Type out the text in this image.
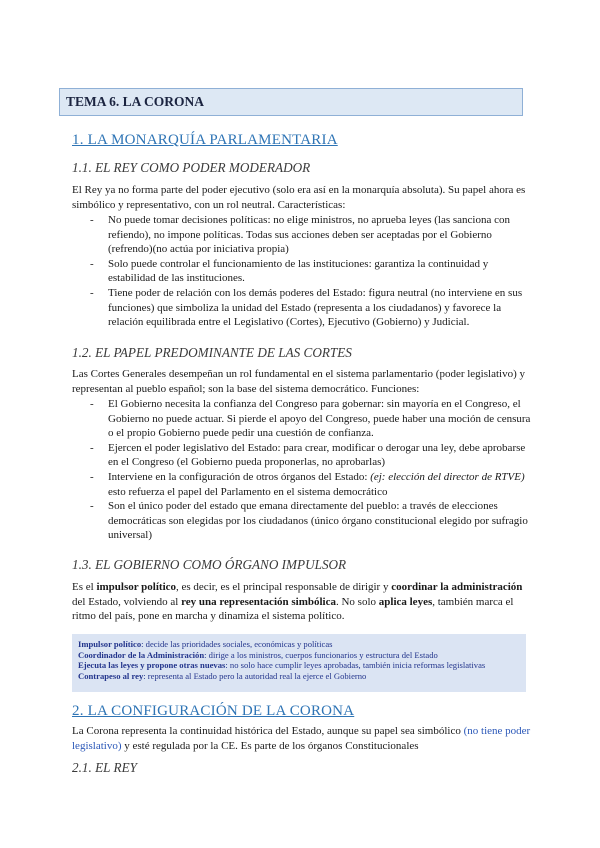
TEMA 6. LA CORONA
1. LA MONARQUÍA PARLAMENTARIA
1.1. EL REY COMO PODER MODERADOR

El Rey ya no forma parte del poder ejecutivo (solo era así en la monarquía absoluta). Su papel ahora es simbólico y representativo, con un rol neutral. Características:

- No puede tomar decisiones políticas: no elige ministros, no aprueba leyes (las sanciona con refiendo), no impone políticas. Todas sus acciones deben ser aceptadas por el Gobierno (refrendo)(no actúa por iniciativa propia)
- Solo puede controlar el funcionamiento de las instituciones: garantiza la continuidad y estabilidad de las instituciones.
- Tiene poder de relación con los demás poderes del Estado: figura neutral (no interviene en sus funciones) que simboliza la unidad del Estado (representa a los ciudadanos) y favorece la relación equilibrada entre el Legislativo (Cortes), Ejecutivo (Gobierno) y Judicial.
1.2. EL PAPEL PREDOMINANTE DE LAS CORTES

Las Cortes Generales desempeñan un rol fundamental en el sistema parlamentario (poder legislativo) y representan al pueblo español; son la base del sistema democrático. Funciones:

- El Gobierno necesita la confianza del Congreso para gobernar: sin mayoría en el Congreso, el Gobierno no puede actuar. Si pierde el apoyo del Congreso, puede haber una moción de censura o el propio Gobierno puede pedir una cuestión de confianza.
- Ejercen el poder legislativo del Estado: para crear, modificar o derogar una ley, debe aprobarse en el Congreso (el Gobierno pueda proponerlas, no aprobarlas)
- Interviene en la configuración de otros órganos del Estado: (ej: elección del director de RTVE) esto refuerza el papel del Parlamento en el sistema democrático
- Son el único poder del estado que emana directamente del pueblo: a través de elecciones democráticas son elegidas por los ciudadanos (único órgano constitucional elegido por sufragio universal)
1.3. EL GOBIERNO COMO ÓRGANO IMPULSOR

Es el impulsor político, es decir, es el principal responsable de dirigir y coordinar la administración del Estado, volviendo al rey una representación simbólica. No solo aplica leyes, también marca el ritmo del país, pone en marcha y dinamiza el sistema político.

Impulsor político: decide las prioridades sociales, económicas y políticas
Coordinador de la Administración: dirige a los ministros, cuerpos funcionarios y estructura del Estado
Ejecuta las leyes y propone otras nuevas: no solo hace cumplir leyes aprobadas, también inicia reformas legislativas
Contrapeso al rey: representa al Estado pero la autoridad real la ejerce el Gobierno
2. LA CONFIGURACIÓN DE LA CORONA

La Corona representa la continuidad histórica del Estado, aunque su papel sea simbólico (no tiene poder legislativo) y esté regulada por la CE. Es parte de los órganos Constitucionales

2.1. EL REY
